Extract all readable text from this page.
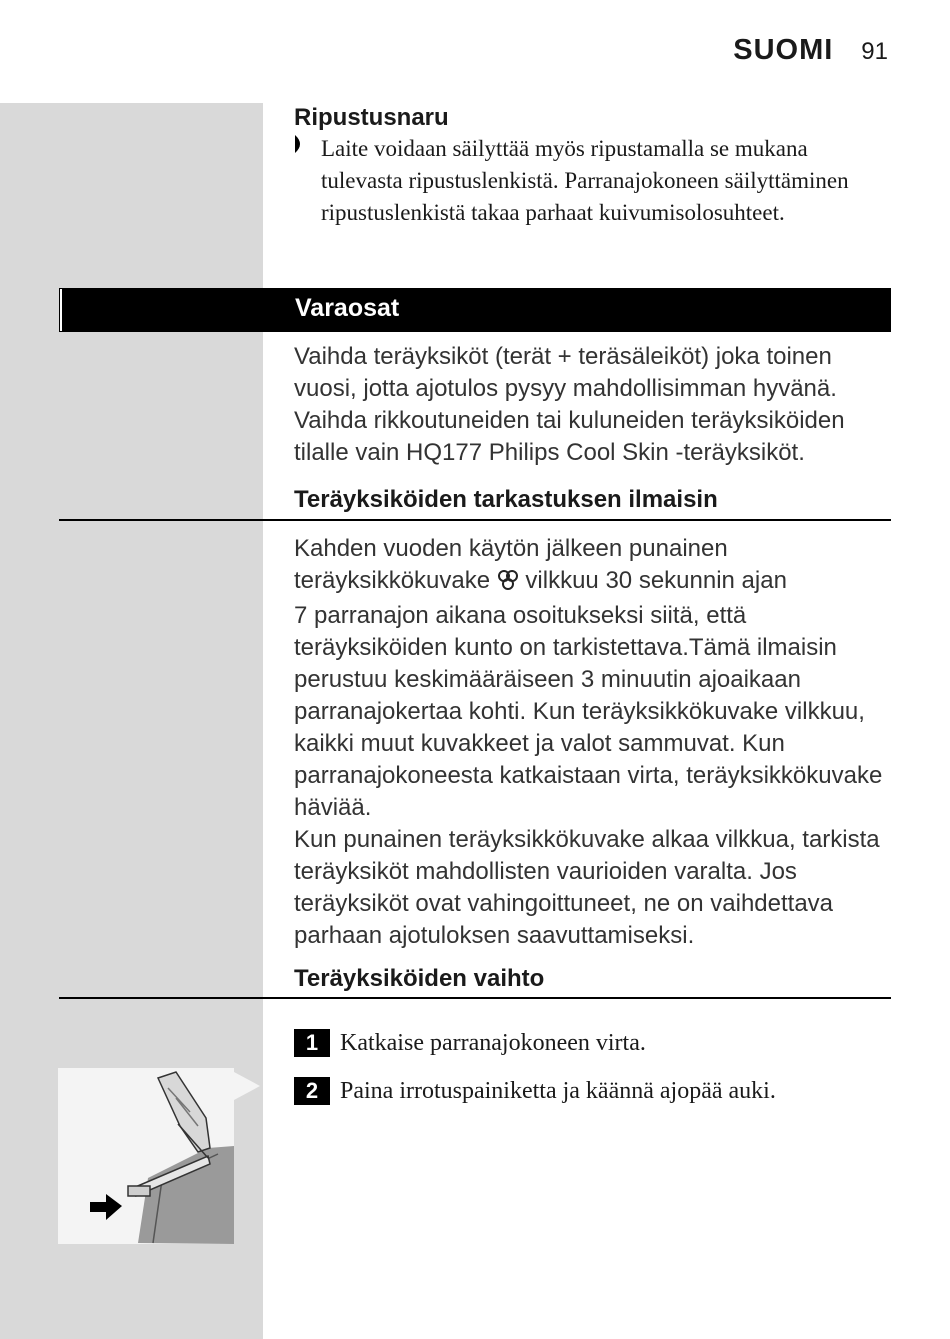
SUOMI 91
Ripustusnaru
Laite voidaan säilyttää myös ripustamalla se mukana tulevasta ripustuslenkistä. Parranajokoneen säilyttäminen ripustuslenkistä takaa parhaat kuivumisolosuhteet.
Varaosat
Vaihda teräyksiköt (terät + teräsäleiköt) joka toinen vuosi, jotta ajotulos pysyy mahdollisimman hyvänä. Vaihda rikkoutuneiden tai kuluneiden teräyksiköiden tilalle vain HQ177 Philips Cool Skin -teräyksiköt.
Teräyksiköiden tarkastuksen ilmaisin
Kahden vuoden käytön jälkeen punainen
teräyksikkökuvake vilkkuu 30 sekunnin ajan
7 parranajon aikana osoitukseksi siitä, että teräyksiköiden kunto on tarkistettava.Tämä ilmaisin perustuu keskimääräiseen 3 minuutin ajoaikaan parranajokertaa kohti. Kun teräyksikkökuvake vilkkuu, kaikki muut kuvakkeet ja valot sammuvat. Kun parranajokoneesta katkaistaan virta, teräyksikkökuvake häviää.
Kun punainen teräyksikkökuvake alkaa vilkkua, tarkista teräyksiköt mahdollisten vaurioiden varalta. Jos teräyksiköt ovat vahingoittuneet, ne on vaihdettava parhaan ajotuloksen saavuttamiseksi.
Teräyksiköiden vaihto
1 Katkaise parranajokoneen virta.
2 Paina irrotuspainiketta ja käännä ajopää auki.
